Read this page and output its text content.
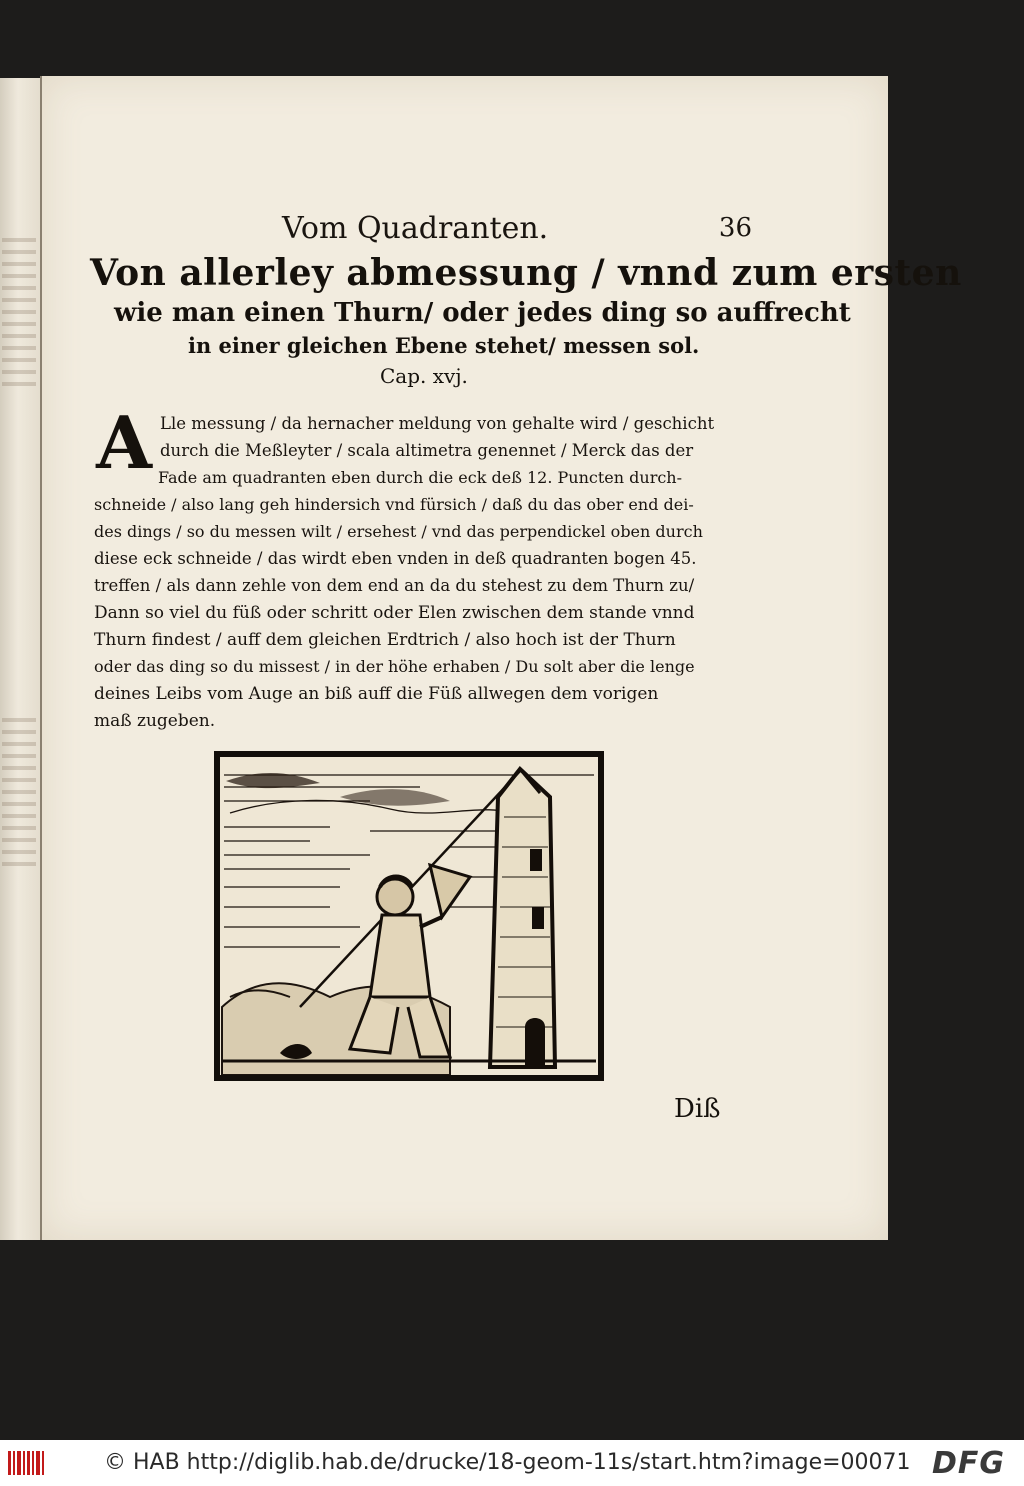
Vom Quadranten.	36
Von allerley abmessung / vnnd zum ersten
wie man einen Thurn/ oder jedes ding so auffrecht
in einer gleichen Ebene stehet/ messen sol.
Cap. xvj.
A Lle messung / da hernacher meldung von gehalte wird / geschicht
durch die Meßleyter / scala altimetra genennet / Merck das der
Fade am quadranten eben durch die eck deß 12. Puncten durch-
schneide / also lang geh hindersich vnd fürsich / daß du das ober end dei-
des dings / so du messen wilt / ersehest / vnd das perpendickel oben durch
diese eck schneide / das wirdt eben vnden in deß quadranten bogen 45.
treffen / als dann zehle von dem end an da du stehest zu dem Thurn zu/
Dann so viel du füß oder schritt oder Elen zwischen dem stande vnnd
Thurn findest / auff dem gleichen Erdtrich / also hoch ist der Thurn
oder das ding so du missest / in der höhe erhaben / Du solt aber die lenge
deines Leibs vom Auge an biß auff die Füß allwegen dem vorigen
maß zugeben.
Diß
© HAB http://diglib.hab.de/drucke/18-geom-11s/start.htm?image=00071 DFG
